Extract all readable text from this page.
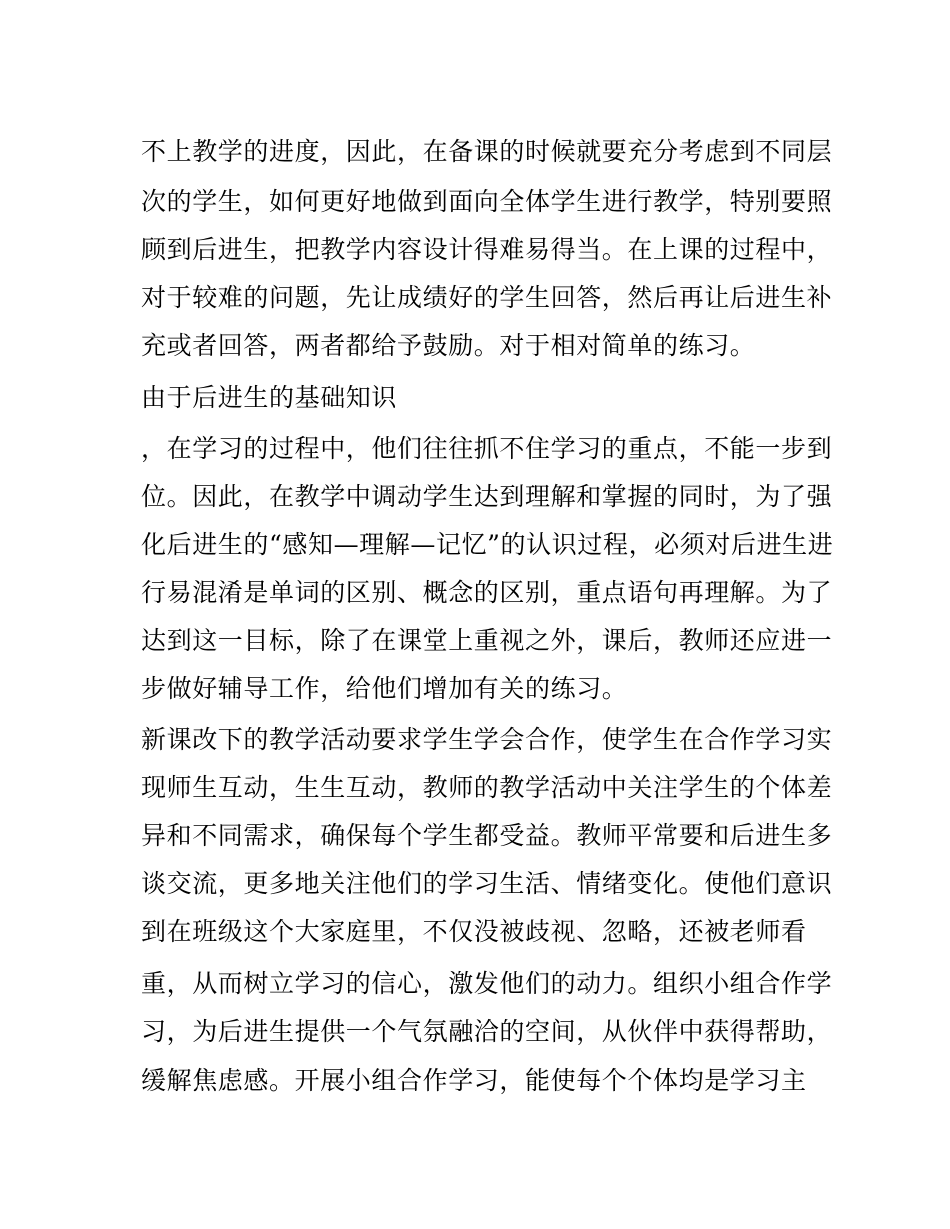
不上教学的进度，因此，在备课的时候就要充分考虑到不同层
次的学生，如何更好地做到面向全体学生进行教学，特别要照
顾到后进生，把教学内容设计得难易得当。在上课的过程中，
对于较难的问题，先让成绩好的学生回答，然后再让后进生补
充或者回答，两者都给予鼓励。对于相对简单的练习。
由于后进生的基础知识
，在学习的过程中，他们往往抓不住学习的重点，不能一步到
位。因此，在教学中调动学生达到理解和掌握的同时，为了强
化后进生的“感知—理解—记忆”的认识过程，必须对后进生进
行易混淆是单词的区别、概念的区别，重点语句再理解。为了
达到这一目标，除了在课堂上重视之外，课后，教师还应进一
步做好辅导工作，给他们增加有关的练习。
新课改下的教学活动要求学生学会合作，使学生在合作学习实
现师生互动，生生互动，教师的教学活动中关注学生的个体差
异和不同需求，确保每个学生都受益。教师平常要和后进生多
谈交流，更多地关注他们的学习生活、情绪变化。使他们意识
到在班级这个大家庭里，不仅没被歧视、忽略，还被老师看
重，从而树立学习的信心，激发他们的动力。组织小组合作学
习，为后进生提供一个气氛融洽的空间，从伙伴中获得帮助，
缓解焦虑感。开展小组合作学习，能使每个个体均是学习主
